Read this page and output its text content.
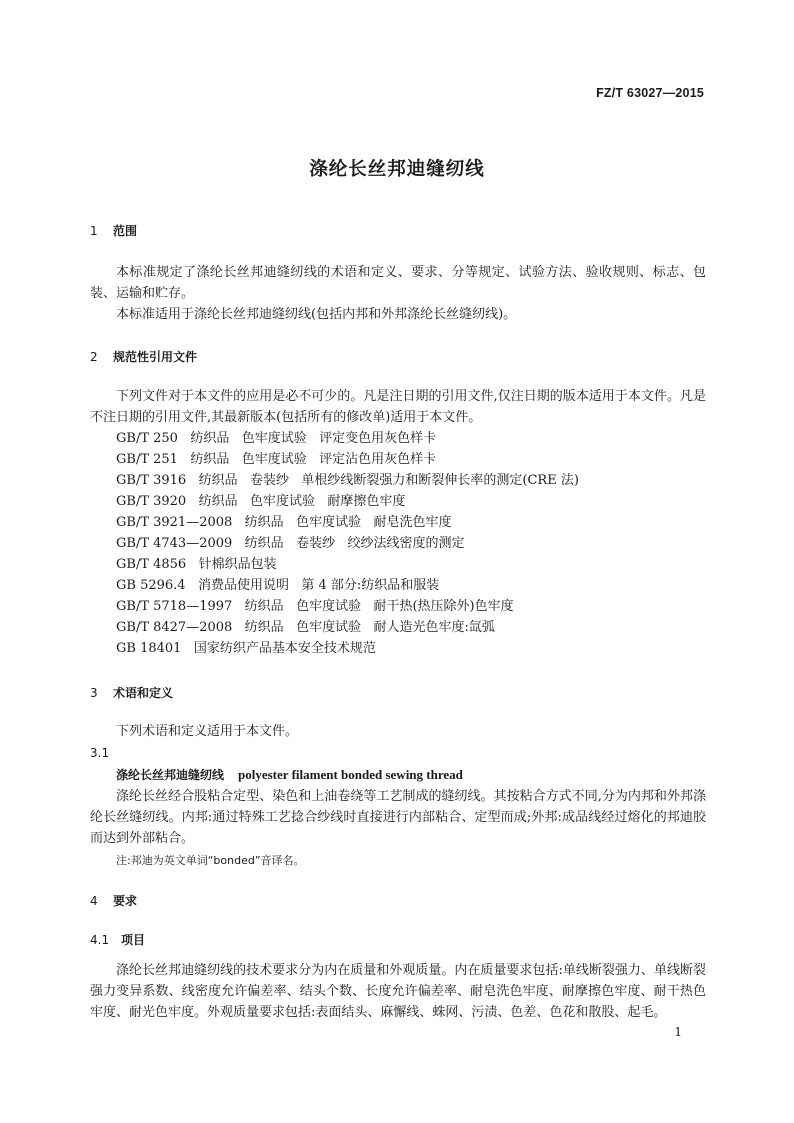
FZ/T 63027—2015
涤纶长丝邦迪缝纫线
1 范围
本标准规定了涤纶长丝邦迪缝纫线的术语和定义、要求、分等规定、试验方法、验收规则、标志、包装、运输和贮存。
本标准适用于涤纶长丝邦迪缝纫线(包括内邦和外邦涤纶长丝缝纫线)。
2 规范性引用文件
下列文件对于本文件的应用是必不可少的。凡是注日期的引用文件,仅注日期的版本适用于本文件。凡是不注日期的引用文件,其最新版本(包括所有的修改单)适用于本文件。
GB/T 250   纺织品   色牢度试验   评定变色用灰色样卡
GB/T 251   纺织品   色牢度试验   评定沾色用灰色样卡
GB/T 3916   纺织品   卷装纱   单根纱线断裂强力和断裂伸长率的测定(CRE 法)
GB/T 3920   纺织品   色牢度试验   耐摩擦色牢度
GB/T 3921—2008   纺织品   色牢度试验   耐皂洗色牢度
GB/T 4743—2009   纺织品   卷装纱   绞纱法线密度的测定
GB/T 4856   针棉织品包装
GB 5296.4   消费品使用说明   第 4 部分:纺织品和服装
GB/T 5718—1997   纺织品   色牢度试验   耐干热(热压除外)色牢度
GB/T 8427—2008   纺织品   色牢度试验   耐人造光色牢度:氙弧
GB 18401   国家纺织产品基本安全技术规范
3 术语和定义
下列术语和定义适用于本文件。
3.1
涤纶长丝邦迪缝纫线 polyester filament bonded sewing thread
涤纶长丝经合股粘合定型、染色和上油卷绕等工艺制成的缝纫线。其按粘合方式不同,分为内邦和外邦涤纶长丝缝纫线。内邦:通过特殊工艺捻合纱线时直接进行内部粘合、定型而成;外邦:成品线经过熔化的邦迪胶而达到外部粘合。
注:邦迪为英文单词“bonded”音译名。
4 要求
4.1 项目
涤纶长丝邦迪缝纫线的技术要求分为内在质量和外观质量。内在质量要求包括:单线断裂强力、单线断裂强力变异系数、线密度允许偏差率、结头个数、长度允许偏差率、耐皂洗色牢度、耐摩擦色牢度、耐干热色牢度、耐光色牢度。外观质量要求包括:表面结头、麻懈线、蛛网、污渍、色差、色花和散股、起毛。
1
